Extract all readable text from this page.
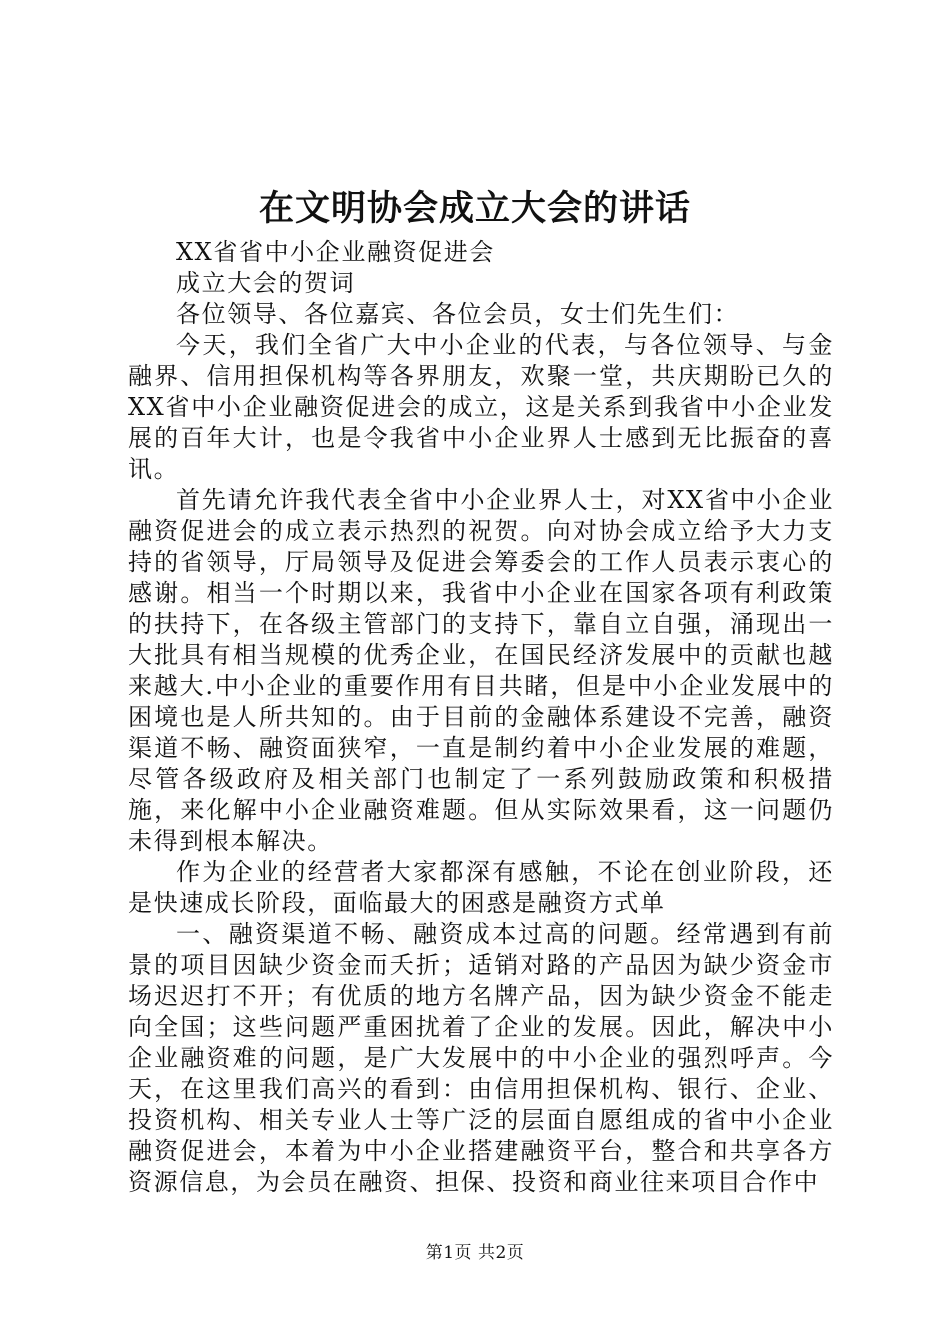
在文明协会成立大会的讲话

XX省省中小企业融资促进会

成立大会的贺词

各位领导、各位嘉宾、各位会员，女士们先生们：

今天，我们全省广大中小企业的代表，与各位领导、与金融界、信用担保机构等各界朋友，欢聚一堂，共庆期盼已久的XX省中小企业融资促进会的成立，这是关系到我省中小企业发展的百年大计，也是令我省中小企业界人士感到无比振奋的喜讯。

首先请允许我代表全省中小企业界人士，对XX省中小企业融资促进会的成立表示热烈的祝贺。向对协会成立给予大力支持的省领导，厅局领导及促进会筹委会的工作人员表示衷心的感谢。相当一个时期以来，我省中小企业在国家各项有利政策的扶持下，在各级主管部门的支持下，靠自立自强，涌现出一大批具有相当规模的优秀企业，在国民经济发展中的贡献也越来越大.中小企业的重要作用有目共睹，但是中小企业发展中的困境也是人所共知的。由于目前的金融体系建设不完善，融资渠道不畅、融资面狭窄，一直是制约着中小企业发展的难题，尽管各级政府及相关部门也制定了一系列鼓励政策和积极措施，来化解中小企业融资难题。但从实际效果看，这一问题仍未得到根本解决。

作为企业的经营者大家都深有感触，不论在创业阶段，还是快速成长阶段，面临最大的困惑是融资方式单

一、融资渠道不畅、融资成本过高的问题。经常遇到有前景的项目因缺少资金而夭折；适销对路的产品因为缺少资金市场迟迟打不开；有优质的地方名牌产品，因为缺少资金不能走向全国；这些问题严重困扰着了企业的发展。因此，解决中小企业融资难的问题，是广大发展中的中小企业的强烈呼声。今天，在这里我们高兴的看到：由信用担保机构、银行、企业、投资机构、相关专业人士等广泛的层面自愿组成的省中小企业融资促进会，本着为中小企业搭建融资平台，整合和共享各方资源信息，为会员在融资、担保、投资和商业往来项目合作中

第1页 共2页
